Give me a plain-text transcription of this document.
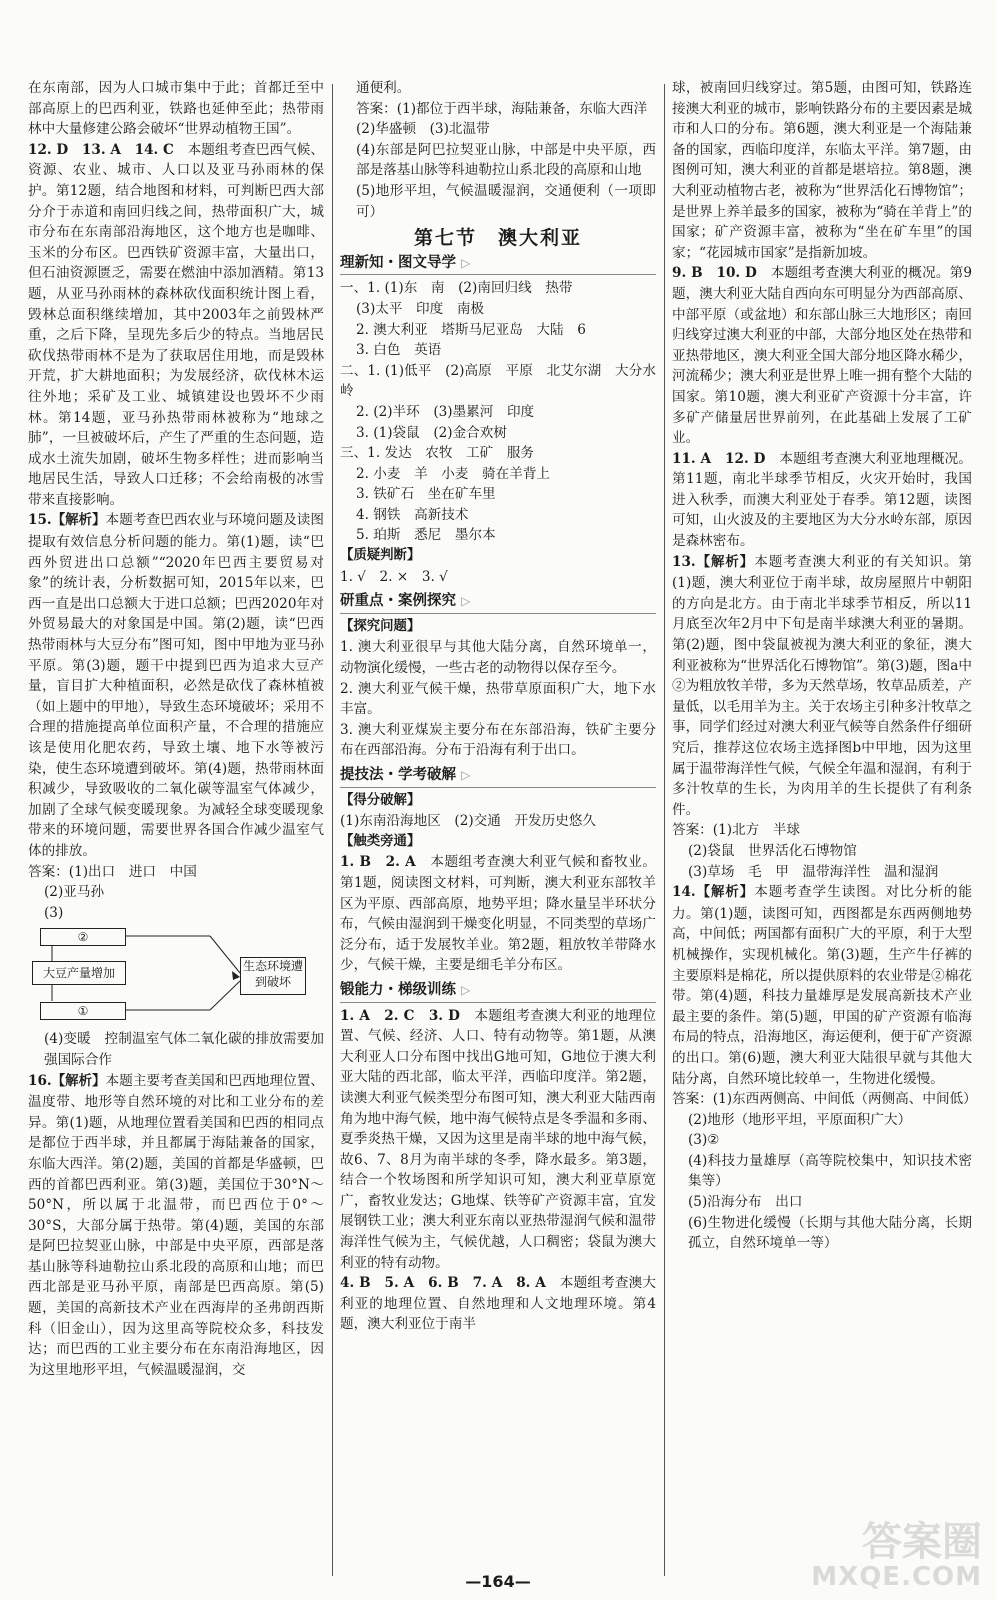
在东南部，因为人口城市集中于此；首都迁至中部高原上的巴西利亚，铁路也延伸至此；热带雨林中大量修建公路会破坏“世界动植物王国”。

12. D　13. A　14. C　本题组考查巴西气候、资源、农业、城市、人口以及亚马孙雨林的保护。第12题，结合地图和材料，可判断巴西大部分介于赤道和南回归线之间，热带面积广大，城市分布在东南部沿海地区，这个地方也是咖啡、玉米的分布区。巴西铁矿资源丰富，大量出口，但石油资源匮乏，需要在燃油中添加酒精。第13题，从亚马孙雨林的森林砍伐面积统计图上看，毁林总面积继续增加，其中2003年之前毁林严重，之后下降，呈现先多后少的特点。当地居民砍伐热带雨林不是为了获取居住用地，而是毁林开荒，扩大耕地面积；为发展经济，砍伐林木运往外地；采矿及工业、城镇建设也毁坏不少雨林。第14题，亚马孙热带雨林被称为“地球之肺”，一旦被破坏后，产生了严重的生态问题，造成水土流失加剧，破坏生物多样性；进而影响当地居民生活，导致人口迁移；不会给南极的冰雪带来直接影响。

15.【解析】本题考查巴西农业与环境问题及读图提取有效信息分析问题的能力。第(1)题，读“巴西外贸进出口总额”“2020年巴西主要贸易对象”的统计表，分析数据可知，2015年以来，巴西一直是出口总额大于进口总额；巴西2020年对外贸易最大的对象国是中国。第(2)题，读“巴西热带雨林与大豆分布”图可知，图中甲地为亚马孙平原。第(3)题，题干中提到巴西为追求大豆产量，盲目扩大种植面积，必然是砍伐了森林植被（如上题中的甲地），导致生态环境破坏；采用不合理的措施提高单位面积产量，不合理的措施应该是使用化肥农药，导致土壤、地下水等被污染，使生态环境遭到破坏。第(4)题，热带雨林面积减少，导致吸收的二氧化碳等温室气体减少，加剧了全球气候变暖现象。为减轻全球变暖现象带来的环境问题，需要世界各国合作减少温室气体的排放。

答案：(1)出口　进口　中国

(2)亚马孙

(3)

②
大豆产量增加
①
生态环境遭到破坏

(4)变暖　控制温室气体二氧化碳的排放需要加强国际合作

16.【解析】本题主要考查美国和巴西地理位置、温度带、地形等自然环境的对比和工业分布的差异。第(1)题，从地理位置看美国和巴西的相同点是都位于西半球，并且都属于海陆兼备的国家，东临大西洋。第(2)题，美国的首都是华盛顿，巴西的首都巴西利亚。第(3)题，美国位于30°N～50°N，所以属于北温带，而巴西位于0°～30°S，大部分属于热带。第(4)题，美国的东部是阿巴拉契亚山脉，中部是中央平原，西部是落基山脉等科迪勒拉山系北段的高原和山地；而巴西北部是亚马孙平原，南部是巴西高原。第(5)题，美国的高新技术产业在西海岸的圣弗朗西斯科（旧金山），因为这里高等院校众多，科技发达；而巴西的工业主要分布在东南沿海地区，因为这里地形平坦，气候温暖湿润，交

通便利。

答案：(1)都位于西半球，海陆兼备，东临大西洋

(2)华盛顿　(3)北温带

(4)东部是阿巴拉契亚山脉，中部是中央平原，西部是落基山脉等科迪勒拉山系北段的高原和山地

(5)地形平坦，气候温暖湿润，交通便利（一项即可）

第七节　澳大利亚
理新知・图文导学 ▷

一、1. (1)东　南　(2)南回归线　热带

(3)太平　印度　南极

2. 澳大利亚　塔斯马尼亚岛　大陆　6

3. 白色　英语

二、1. (1)低平　(2)高原　平原　北艾尔湖　大分水岭

2. (2)半环　(3)墨累河　印度

3. (1)袋鼠　(2)金合欢树

三、1. 发达　农牧　工矿　服务

2. 小麦　羊　小麦　骑在羊背上

3. 铁矿石　坐在矿车里

4. 钢铁　高新技术

5. 珀斯　悉尼　墨尔本

【质疑判断】

1. √　2. ×　3. √

研重点・案例探究 ▷

【探究问题】

1. 澳大利亚很早与其他大陆分离，自然环境单一，动物演化缓慢，一些古老的动物得以保存至今。

2. 澳大利亚气候干燥，热带草原面积广大，地下水丰富。

3. 澳大利亚煤炭主要分布在东部沿海，铁矿主要分布在西部沿海。分布于沿海有利于出口。

提技法・学考破解 ▷

【得分破解】

(1)东南沿海地区　(2)交通　开发历史悠久

【触类旁通】

1. B　2. A　本题组考查澳大利亚气候和畜牧业。第1题，阅读图文材料，可判断，澳大利亚东部牧羊区为平原、西部高原，地势平坦；降水量呈半环状分布，气候由湿润到干燥变化明显，不同类型的草场广泛分布，适于发展牧羊业。第2题，粗放牧羊带降水少，气候干燥，主要是细毛羊分布区。

锻能力・梯级训练 ▷

1. A　2. C　3. D　本题组考查澳大利亚的地理位置、气候、经济、人口、特有动物等。第1题，从澳大利亚人口分布图中找出G地可知，G地位于澳大利亚大陆的西北部，临太平洋，西临印度洋。第2题，读澳大利亚气候类型分布图可知，澳大利亚大陆西南角为地中海气候，地中海气候特点是冬季温和多雨、夏季炎热干燥，又因为这里是南半球的地中海气候，故6、7、8月为南半球的冬季，降水最多。第3题，结合一个牧场图和所学知识可知，澳大利亚草原宽广，畜牧业发达；G地煤、铁等矿产资源丰富，宜发展钢铁工业；澳大利亚东南以亚热带湿润气候和温带海洋性气候为主，气候优越，人口稠密；袋鼠为澳大利亚的特有动物。

4. B　5. A　6. B　7. A　8. A　本题组考查澳大利亚的地理位置、自然地理和人文地理环境。第4题，澳大利亚位于南半

球，被南回归线穿过。第5题，由图可知，铁路连接澳大利亚的城市，影响铁路分布的主要因素是城市和人口的分布。第6题，澳大利亚是一个海陆兼备的国家，西临印度洋，东临太平洋。第7题，由图例可知，澳大利亚的首都是堪培拉。第8题，澳大利亚动植物古老，被称为“世界活化石博物馆”；是世界上养羊最多的国家，被称为“骑在羊背上”的国家；矿产资源丰富，被称为“坐在矿车里”的国家；“花园城市国家”是指新加坡。

9. B　10. D　本题组考查澳大利亚的概况。第9题，澳大利亚大陆自西向东可明显分为西部高原、中部平原（或盆地）和东部山脉三大地形区；南回归线穿过澳大利亚的中部，大部分地区处在热带和亚热带地区，澳大利亚全国大部分地区降水稀少，河流稀少；澳大利亚是世界上唯一拥有整个大陆的国家。第10题，澳大利亚矿产资源十分丰富，许多矿产储量居世界前列，在此基础上发展了工矿业。

11. A　12. D　本题组考查澳大利亚地理概况。第11题，南北半球季节相反，火灾开始时，我国进入秋季，而澳大利亚处于春季。第12题，读图可知，山火波及的主要地区为大分水岭东部，原因是森林密布。

13.【解析】本题考查澳大利亚的有关知识。第(1)题，澳大利亚位于南半球，故房屋照片中朝阳的方向是北方。由于南北半球季节相反，所以11月底至次年2月中下旬是南半球澳大利亚的暑期。第(2)题，图中袋鼠被视为澳大利亚的象征，澳大利亚被称为“世界活化石博物馆”。第(3)题，图a中②为粗放牧羊带，多为天然草场，牧草品质差，产量低，以毛用羊为主。关于农场主引种多汁牧草之事，同学们经过对澳大利亚气候等自然条件仔细研究后，推荐这位农场主选择图b中甲地，因为这里属于温带海洋性气候，气候全年温和湿润，有利于多汁牧草的生长，为肉用羊的生长提供了有利条件。

答案：(1)北方　半球

(2)袋鼠　世界活化石博物馆

(3)草场　毛　甲　温带海洋性　温和湿润

14.【解析】本题考查学生读图。对比分析的能力。第(1)题，读图可知，西图都是东西两侧地势高，中间低；两国都有面积广大的平原，利于大型机械操作，实现机械化。第(3)题，生产牛仔裤的主要原料是棉花，所以提供原料的农业带是②棉花带。第(4)题，科技力量雄厚是发展高新技术产业最主要的条件。第(5)题，甲国的矿产资源有临海布局的特点，沿海地区，海运便利，便于矿产资源的出口。第(6)题，澳大利亚大陆很早就与其他大陆分离，自然环境比较单一，生物进化缓慢。

答案：(1)东西两侧高、中间低（两侧高、中间低）

(2)地形（地形平坦，平原面积广大）

(3)②

(4)科技力量雄厚（高等院校集中，知识技术密集等）

(5)沿海分布　出口

(6)生物进化缓慢（长期与其他大陆分离，长期孤立，自然环境单一等）

—164—
答案圈
MXQE.COM
